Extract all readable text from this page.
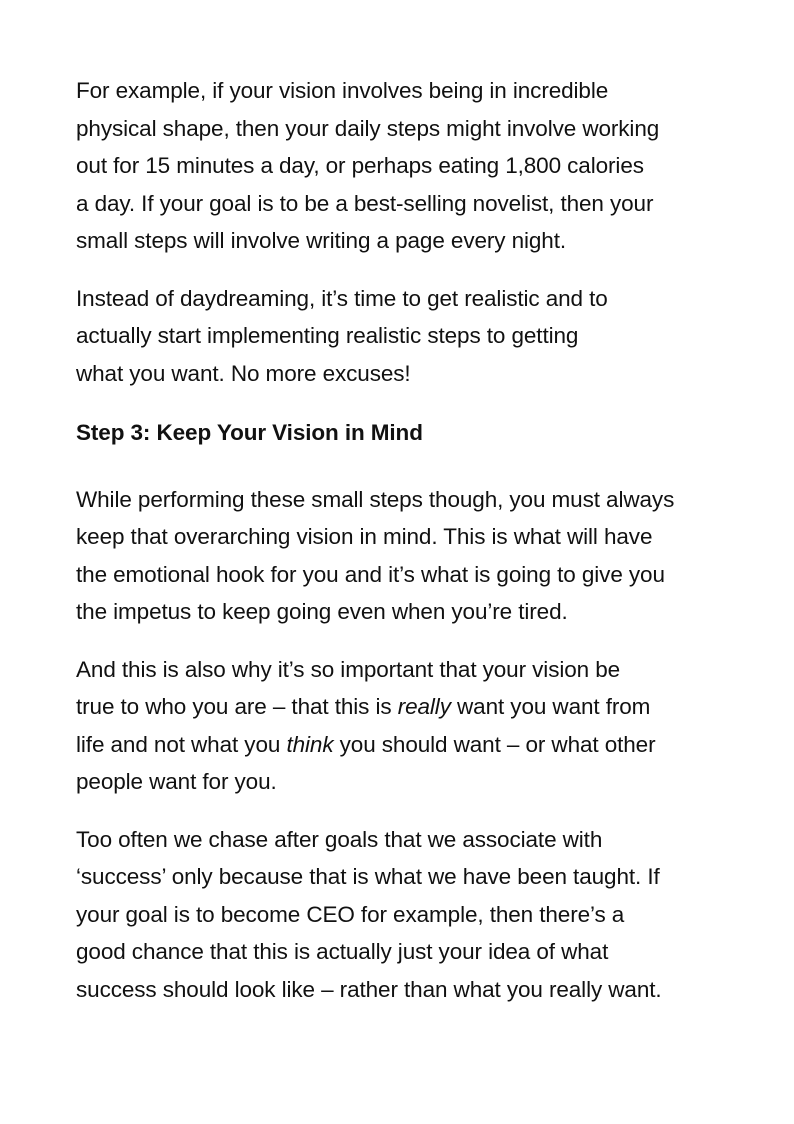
For example, if your vision involves being in incredible
physical shape, then your daily steps might involve working
out for 15 minutes a day, or perhaps eating 1,800 calories
a day. If your goal is to be a best-selling novelist, then your
small steps will involve writing a page every night.

Instead of daydreaming, it’s time to get realistic and to
actually start implementing realistic steps to getting
what you want. No more excuses!

Step 3: Keep Your Vision in Mind

While performing these small steps though, you must always
keep that overarching vision in mind. This is what will have
the emotional hook for you and it’s what is going to give you
the impetus to keep going even when you’re tired.

And this is also why it’s so important that your vision be
true to who you are – that this is really want you want from
life and not what you think you should want – or what other
people want for you.

Too often we chase after goals that we associate with
‘success’ only because that is what we have been taught. If
your goal is to become CEO for example, then there’s a
good chance that this is actually just your idea of what
success should look like – rather than what you really want.
